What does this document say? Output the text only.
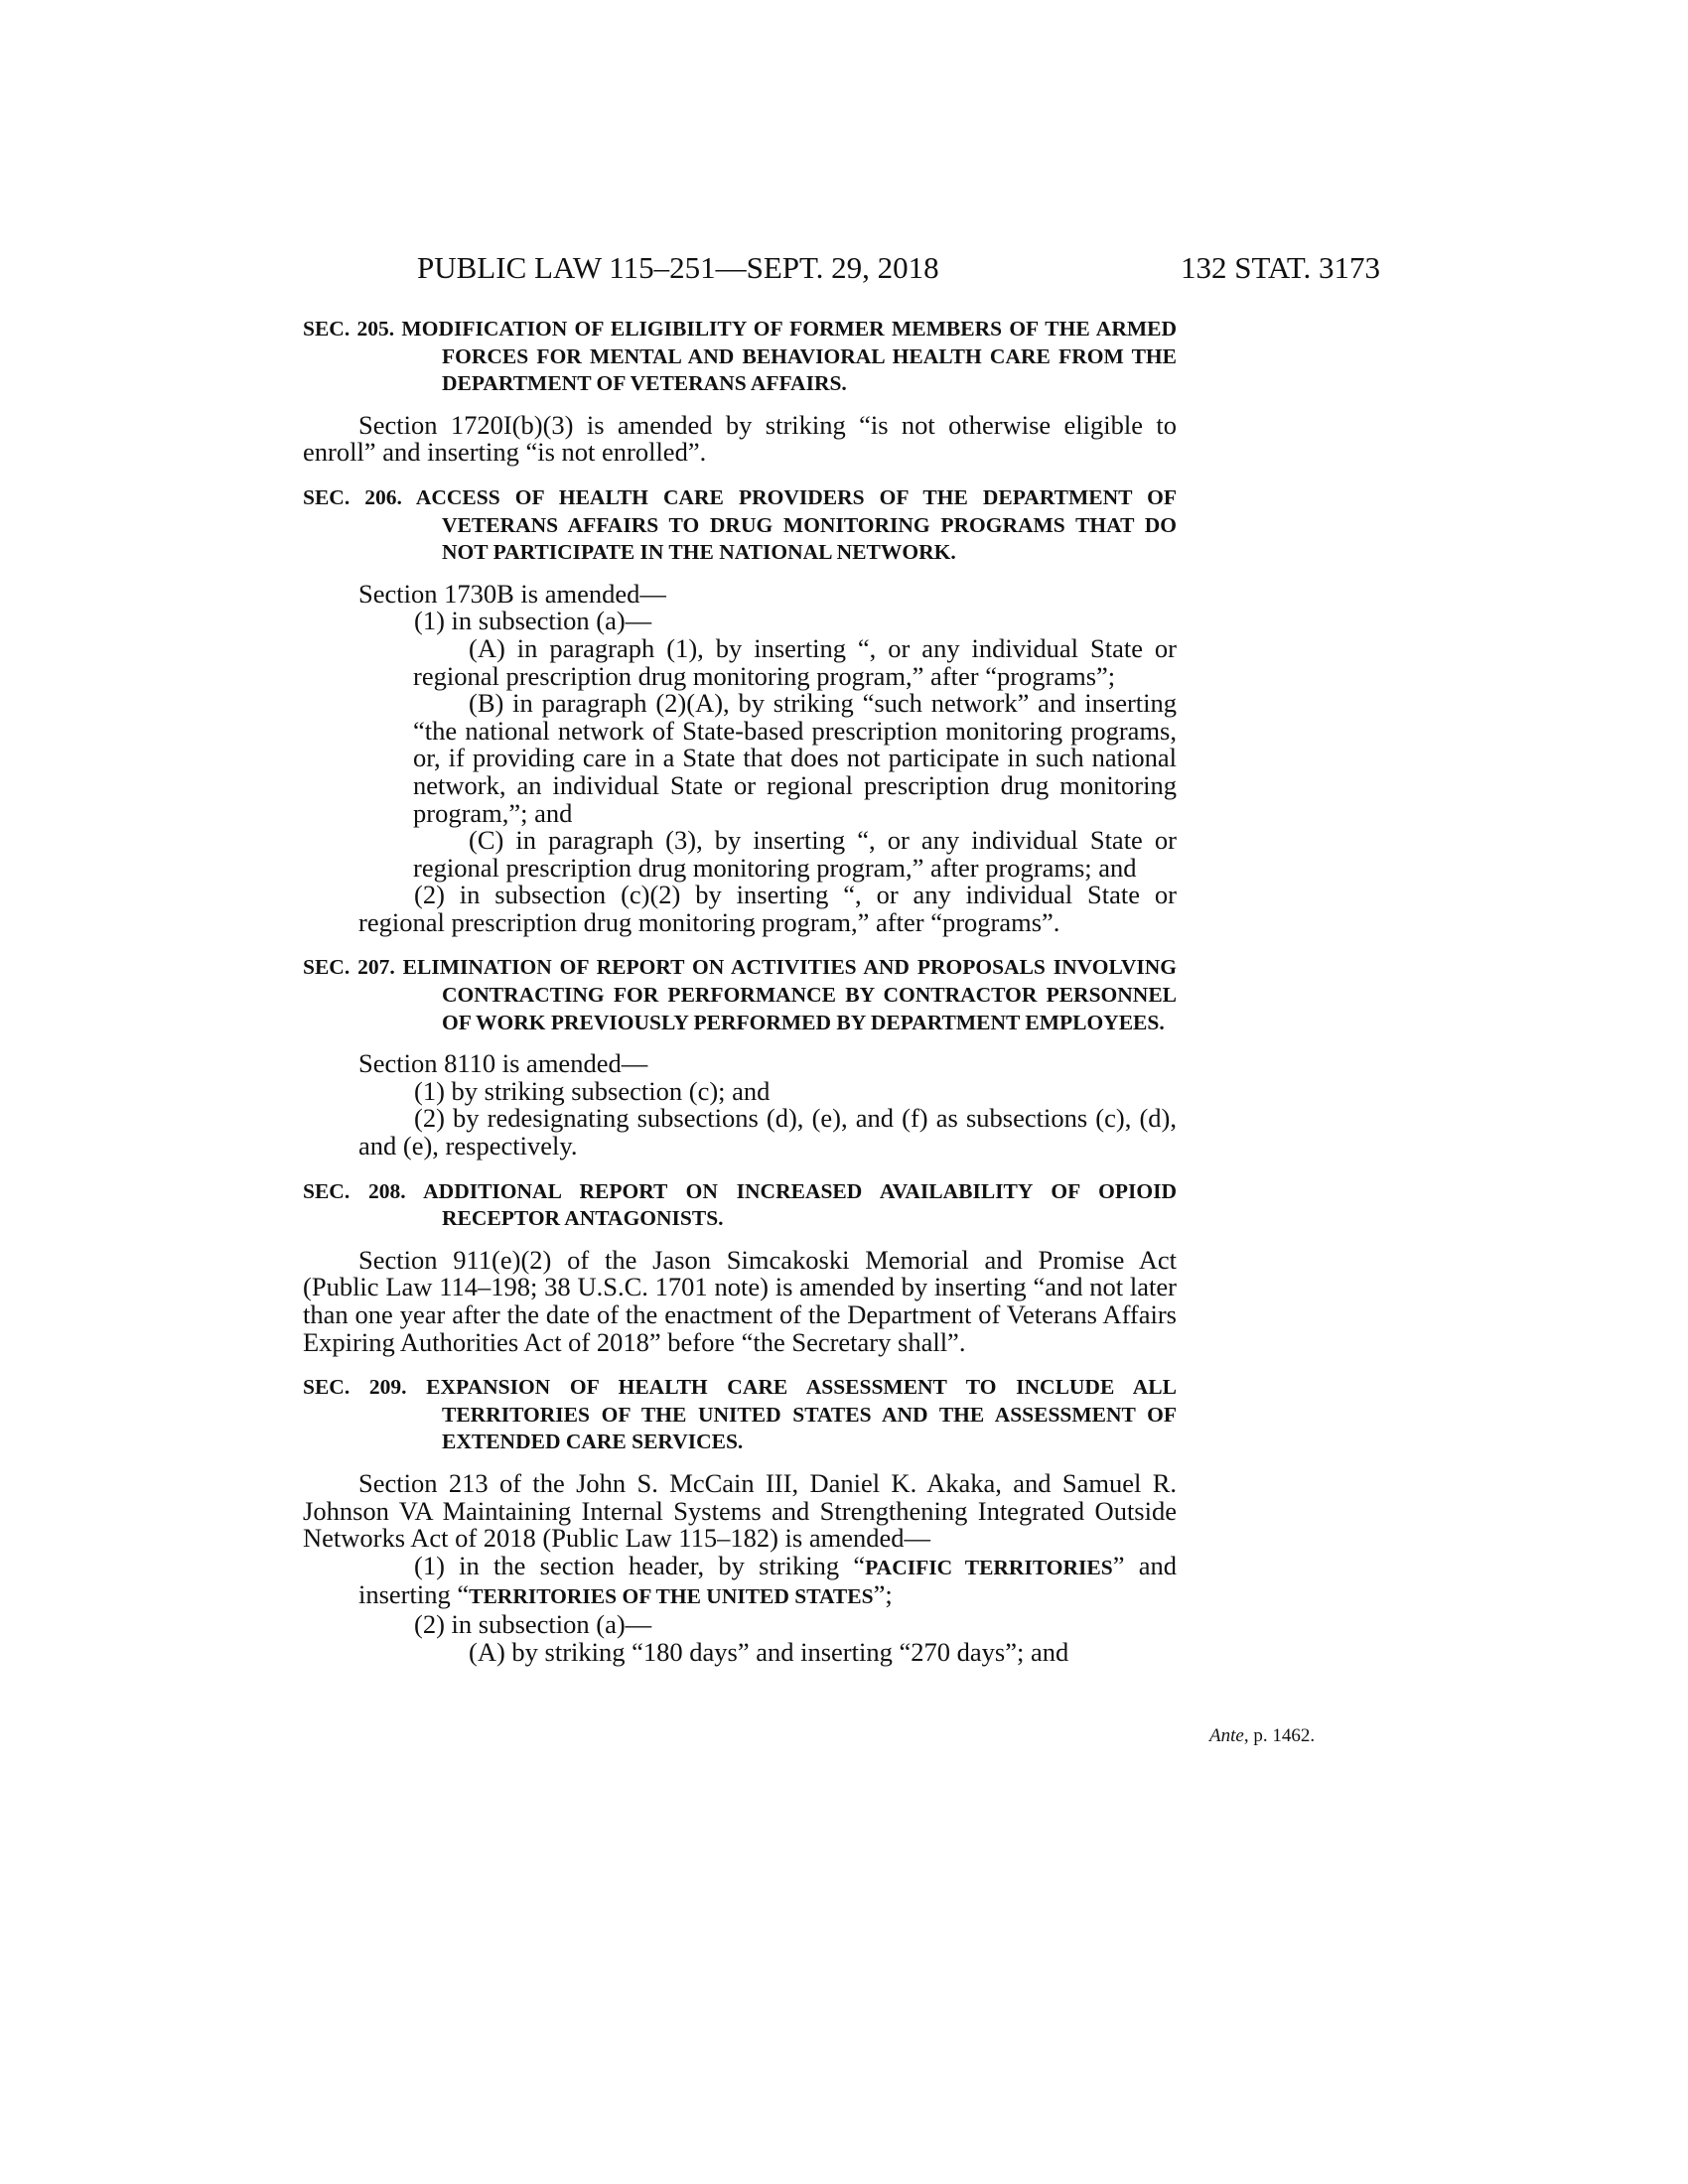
PUBLIC LAW 115–251—SEPT. 29, 2018	132 STAT. 3173
SEC. 205. MODIFICATION OF ELIGIBILITY OF FORMER MEMBERS OF THE ARMED FORCES FOR MENTAL AND BEHAVIORAL HEALTH CARE FROM THE DEPARTMENT OF VETERANS AFFAIRS.

Section 1720I(b)(3) is amended by striking “is not otherwise eligible to enroll” and inserting “is not enrolled”.

SEC. 206. ACCESS OF HEALTH CARE PROVIDERS OF THE DEPARTMENT OF VETERANS AFFAIRS TO DRUG MONITORING PROGRAMS THAT DO NOT PARTICIPATE IN THE NATIONAL NETWORK.

Section 1730B is amended—

(1) in subsection (a)—

(A) in paragraph (1), by inserting “, or any individual State or regional prescription drug monitoring program,” after “programs”;

(B) in paragraph (2)(A), by striking “such network” and inserting “the national network of State-based prescription monitoring programs, or, if providing care in a State that does not participate in such national network, an individual State or regional prescription drug monitoring program,”; and

(C) in paragraph (3), by inserting “, or any individual State or regional prescription drug monitoring program,” after programs; and

(2) in subsection (c)(2) by inserting “, or any individual State or regional prescription drug monitoring program,” after “programs”.

SEC. 207. ELIMINATION OF REPORT ON ACTIVITIES AND PROPOSALS INVOLVING CONTRACTING FOR PERFORMANCE BY CONTRACTOR PERSONNEL OF WORK PREVIOUSLY PERFORMED BY DEPARTMENT EMPLOYEES.

Section 8110 is amended—

(1) by striking subsection (c); and

(2) by redesignating subsections (d), (e), and (f) as subsections (c), (d), and (e), respectively.

SEC. 208. ADDITIONAL REPORT ON INCREASED AVAILABILITY OF OPIOID RECEPTOR ANTAGONISTS.

Section 911(e)(2) of the Jason Simcakoski Memorial and Promise Act (Public Law 114–198; 38 U.S.C. 1701 note) is amended by inserting “and not later than one year after the date of the enactment of the Department of Veterans Affairs Expiring Authorities Act of 2018” before “the Secretary shall”.

SEC. 209. EXPANSION OF HEALTH CARE ASSESSMENT TO INCLUDE ALL TERRITORIES OF THE UNITED STATES AND THE ASSESSMENT OF EXTENDED CARE SERVICES.

Section 213 of the John S. McCain III, Daniel K. Akaka, and Samuel R. Johnson VA Maintaining Internal Systems and Strengthening Integrated Outside Networks Act of 2018 (Public Law 115–182) is amended—

(1) in the section header, by striking “PACIFIC TERRITORIES” and inserting “TERRITORIES OF THE UNITED STATES”;

(2) in subsection (a)—

(A) by striking “180 days” and inserting “270 days”; and

Ante, p. 1462.
